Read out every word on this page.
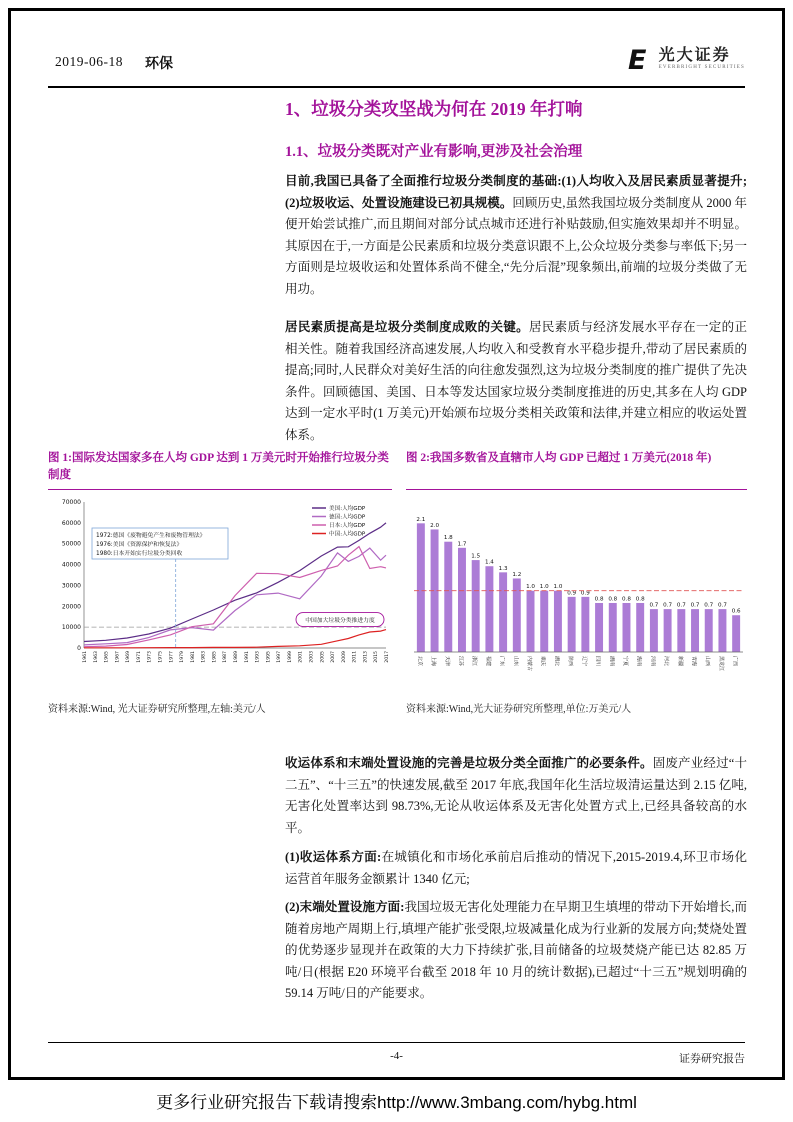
2019-06-18 环保	E 光大证券
EVERBRIGHT SECURITIES
1、垃圾分类攻坚战为何在 2019 年打响
1.1、垃圾分类既对产业有影响,更涉及社会治理

目前,我国已具备了全面推行垃圾分类制度的基础:(1)人均收入及居民素质显著提升;(2)垃圾收运、处置设施建设已初具规模。回顾历史,虽然我国垃圾分类制度从 2000 年便开始尝试推广,而且期间对部分试点城市还进行补贴鼓励,但实施效果却并不明显。其原因在于,一方面是公民素质和垃圾分类意识跟不上,公众垃圾分类参与率低下;另一方面则是垃圾收运和处置体系尚不健全,“先分后混”现象频出,前端的垃圾分类做了无用功。

居民素质提高是垃圾分类制度成败的关键。居民素质与经济发展水平存在一定的正相关性。随着我国经济高速发展,人均收入和受教育水平稳步提升,带动了居民素质的提高;同时,人民群众对美好生活的向往愈发强烈,这为垃圾分类制度的推广提供了先决条件。回顾德国、美国、日本等发达国家垃圾分类制度推进的历史,其多在人均 GDP 达到一定水平时(1 万美元)开始颁布垃圾分类相关政策和法律,并建立相应的收运处置体系。

图 1:国际发达国家多在人均 GDP 达到 1 万美元时开始推行垃圾分类制度
0
10000
20000
30000
40000
50000
60000
70000
1961 1963 1965 1967 1969 1971 1973 1975 1977 1979 1981 1983 1985 1987 1989 1991 1993 1995 1997 1999 2001 2003 2005 2007 2009 2011 2013 2015 2017
美国:人均GDP
德国:人均GDP
日本:人均GDP
中国:人均GDP
1972:德国《废物避免产生和废物管理法》
1976:美国《资源保护和恢复法》
1980:日本开始实行垃圾分类回收
中国加大垃圾分类推进力度
资料来源:Wind, 光大证券研究所整理,左轴:美元/人
图 2:我国多数省及直辖市人均 GDP 已超过 1 万美元(2018 年)
2.1
北京
2.0
上海
1.8
天津
1.7
江苏
1.5
浙江
1.4
福建
1.3
广东
1.2
山东
1.0
内蒙古
1.0
重庆
1.0
湖北
0.9
陕西
0.9
辽宁
0.8
四川
0.8
湖南
0.8
宁夏
0.8
海南
0.7
河南
0.7
河北
0.7
新疆
0.7
青海
0.7
山西
0.7
黑龙江
0.6
广西
资料来源:Wind,光大证券研究所整理,单位:万美元/人

收运体系和末端处置设施的完善是垃圾分类全面推广的必要条件。固废产业经过“十二五”、“十三五”的快速发展,截至 2017 年底,我国年化生活垃圾清运量达到 2.15 亿吨,无害化处置率达到 98.73%,无论从收运体系及无害化处置方式上,已经具备较高的水平。

(1)收运体系方面:在城镇化和市场化承前启后推动的情况下,2015-2019.4,环卫市场化运营首年服务金额累计 1340 亿元;

(2)末端处置设施方面:我国垃圾无害化处理能力在早期卫生填埋的带动下开始增长,而随着房地产周期上行,填埋产能扩张受限,垃圾减量化成为行业新的发展方向;焚烧处置的优势逐步显现并在政策的大力下持续扩张,目前储备的垃圾焚烧产能已达 82.85 万吨/日(根据 E20 环境平台截至 2018 年 10 月的统计数据),已超过“十三五”规划明确的 59.14 万吨/日的产能要求。

-4-	证券研究报告
更多行业研究报告下载请搜索http://www.3mbang.com/hybg.html
